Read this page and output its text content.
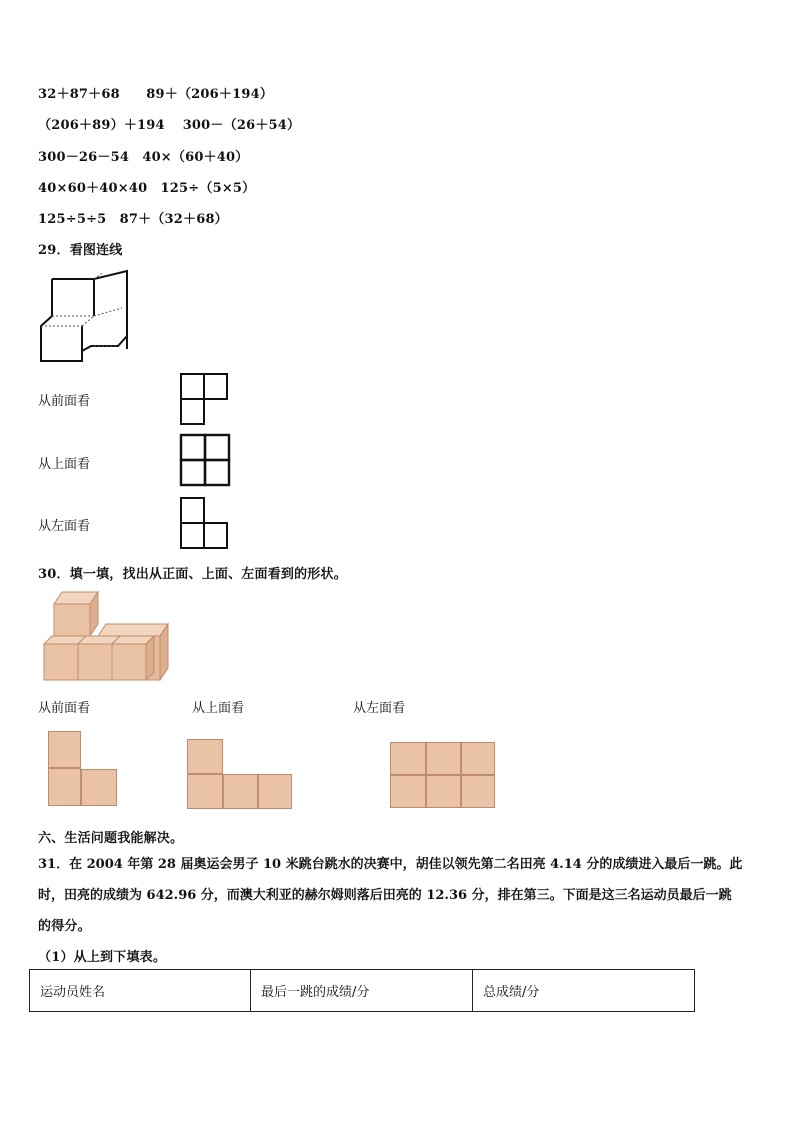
32＋87＋68　　89＋（206＋194）
（206＋89）＋194　 300－（26＋54）
300－26－54　40×（60＋40）
40×60＋40×40　125÷（5×5）
125÷5÷5　87＋（32＋68）
29．看图连线
从前面看
从上面看
从左面看
30．填一填，找出从正面、上面、左面看到的形状。
从前面看	从上面看	从左面看
六、生活问题我能解决。
31．在 2004 年第 28 届奥运会男子 10 米跳台跳水的决赛中，胡佳以领先第二名田亮 4.14 分的成绩进入最后一跳。此
时，田亮的成绩为 642.96 分，而澳大利亚的赫尔姆则落后田亮的 12.36 分，排在第三。下面是这三名运动员最后一跳
的得分。
（1）从上到下填表。
运动员姓名	最后一跳的成绩/分	总成绩/分
